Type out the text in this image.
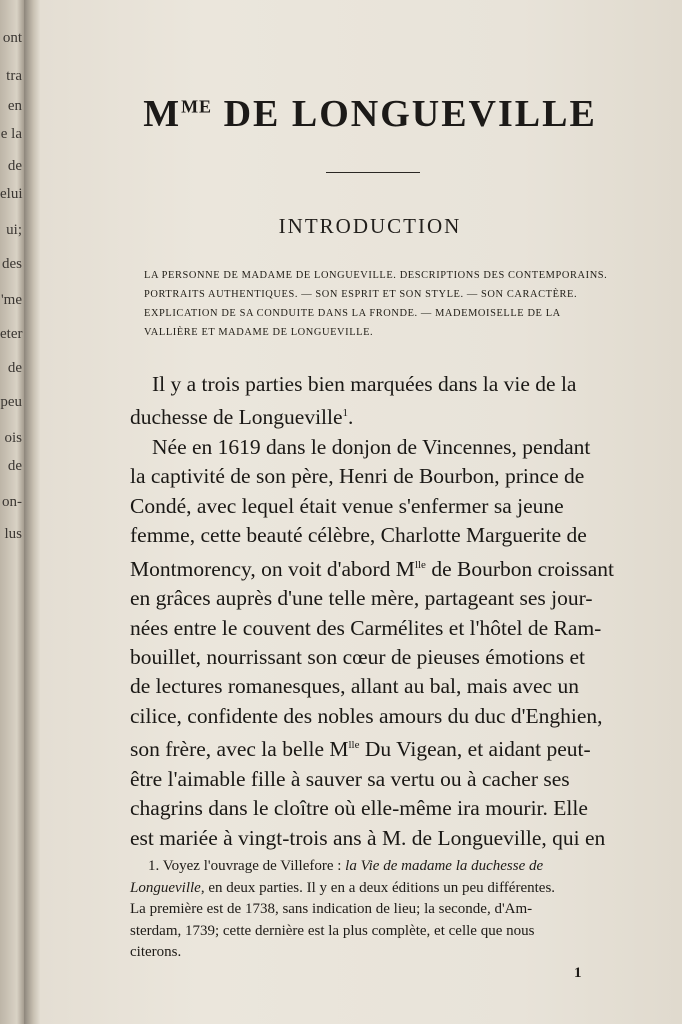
ont
tra
en
e la
de
elui
ui;
des
'me
eter
de
peu
ois
de
on-
lus
$M^{ME}$ DE LONGUEVILLE
INTRODUCTION
LA PERSONNE DE MADAME DE LONGUEVILLE. DESCRIPTIONS DES CONTEMPORAINS.
PORTRAITS AUTHENTIQUES. — SON ESPRIT ET SON STYLE. — SON CARACTÈRE.
EXPLICATION DE SA CONDUITE DANS LA FRONDE. — MADEMOISELLE DE LA
VALLIÈRE ET MADAME DE LONGUEVILLE.
Il y a trois parties bien marquées dans la vie de la
duchesse de Longueville$^1$.
Née en 1619 dans le donjon de Vincennes, pendant
la captivité de son père, Henri de Bourbon, prince de
Condé, avec lequel était venue s'enfermer sa jeune
femme, cette beauté célèbre, Charlotte Marguerite de
Montmorency, on voit d'abord $M^{lle}$ de Bourbon croissant
en grâces auprès d'une telle mère, partageant ses jour-
nées entre le couvent des Carmélites et l'hôtel de Ram-
bouillet, nourrissant son cœur de pieuses émotions et
de lectures romanesques, allant au bal, mais avec un
cilice, confidente des nobles amours du duc d'Enghien,
son frère, avec la belle $M^{lle}$ Du Vigean, et aidant peut-
être l'aimable fille à sauver sa vertu ou à cacher ses
chagrins dans le cloître où elle-même ira mourir. Elle
est mariée à vingt-trois ans à M. de Longueville, qui en
1. Voyez l'ouvrage de Villefore : la Vie de madame la duchesse de
Longueville, en deux parties. Il y en a deux éditions un peu différentes.
La première est de 1738, sans indication de lieu; la seconde, d'Am-
sterdam, 1739; cette dernière est la plus complète, et celle que nous
citerons.
1
